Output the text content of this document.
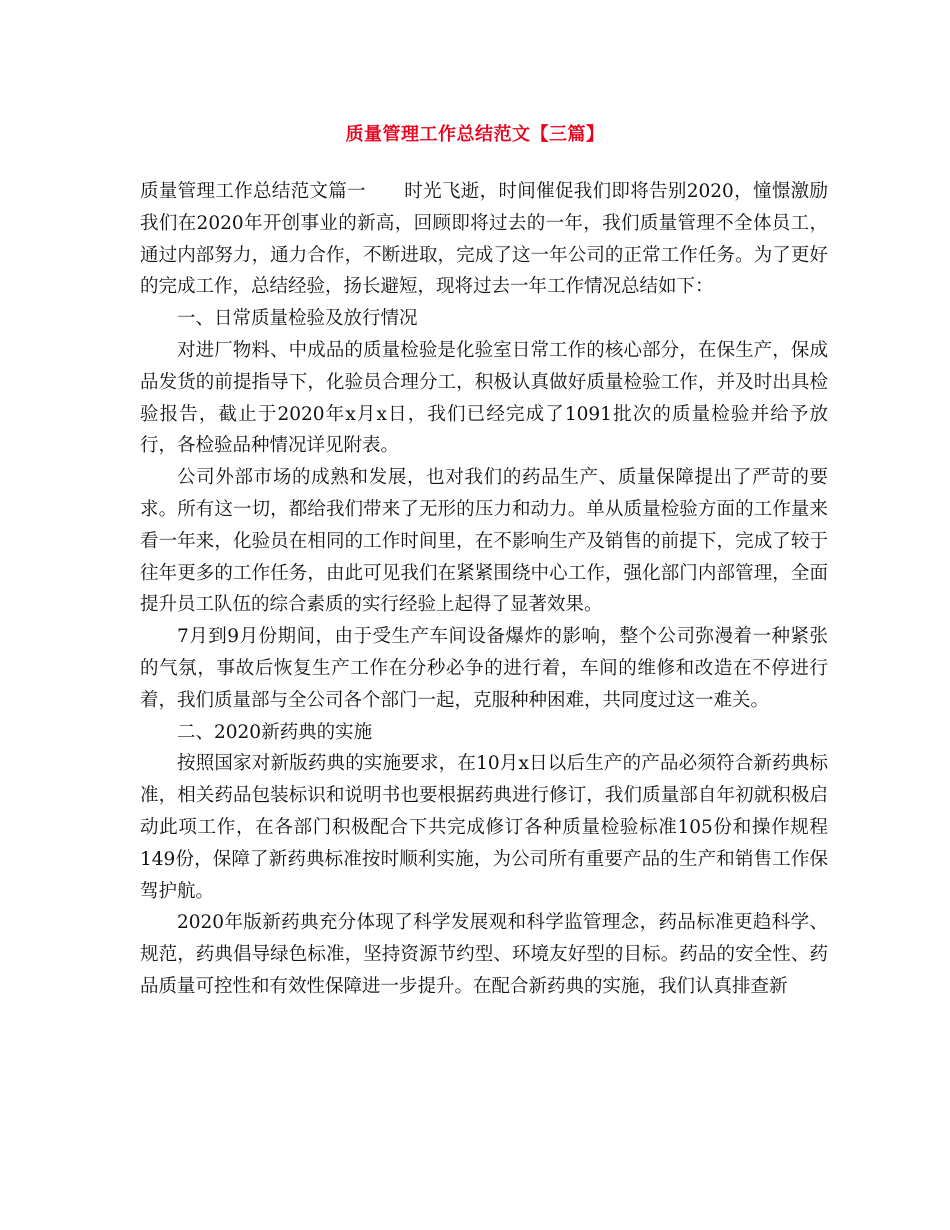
质量管理工作总结范文【三篇】

质量管理工作总结范文篇一 时光飞逝，时间催促我们即将告别2020，憧憬激励我们在2020年开创事业的新高，回顾即将过去的一年，我们质量管理不全体员工，通过内部努力，通力合作，不断进取，完成了这一年公司的正常工作任务。为了更好的完成工作，总结经验，扬长避短，现将过去一年工作情况总结如下：

一、日常质量检验及放行情况

对进厂物料、中成品的质量检验是化验室日常工作的核心部分，在保生产，保成品发货的前提指导下，化验员合理分工，积极认真做好质量检验工作，并及时出具检验报告，截止于2020年x月x日，我们已经完成了1091批次的质量检验并给予放行，各检验品种情况详见附表。

公司外部市场的成熟和发展，也对我们的药品生产、质量保障提出了严苛的要求。所有这一切，都给我们带来了无形的压力和动力。单从质量检验方面的工作量来看一年来，化验员在相同的工作时间里，在不影响生产及销售的前提下，完成了较于往年更多的工作任务，由此可见我们在紧紧围绕中心工作，强化部门内部管理，全面提升员工队伍的综合素质的实行经验上起得了显著效果。

7月到9月份期间，由于受生产车间设备爆炸的影响，整个公司弥漫着一种紧张的气氛，事故后恢复生产工作在分秒必争的进行着，车间的维修和改造在不停进行着，我们质量部与全公司各个部门一起，克服种种困难，共同度过这一难关。

二、2020新药典的实施

按照国家对新版药典的实施要求，在10月x日以后生产的产品必须符合新药典标准，相关药品包装标识和说明书也要根据药典进行修订，我们质量部自年初就积极启动此项工作，在各部门积极配合下共完成修订各种质量检验标准105份和操作规程149份，保障了新药典标准按时顺利实施，为公司所有重要产品的生产和销售工作保驾护航。

2020年版新药典充分体现了科学发展观和科学监管理念，药品标准更趋科学、规范，药典倡导绿色标准，坚持资源节约型、环境友好型的目标。药品的安全性、药品质量可控性和有效性保障进一步提升。在配合新药典的实施，我们认真排查新
